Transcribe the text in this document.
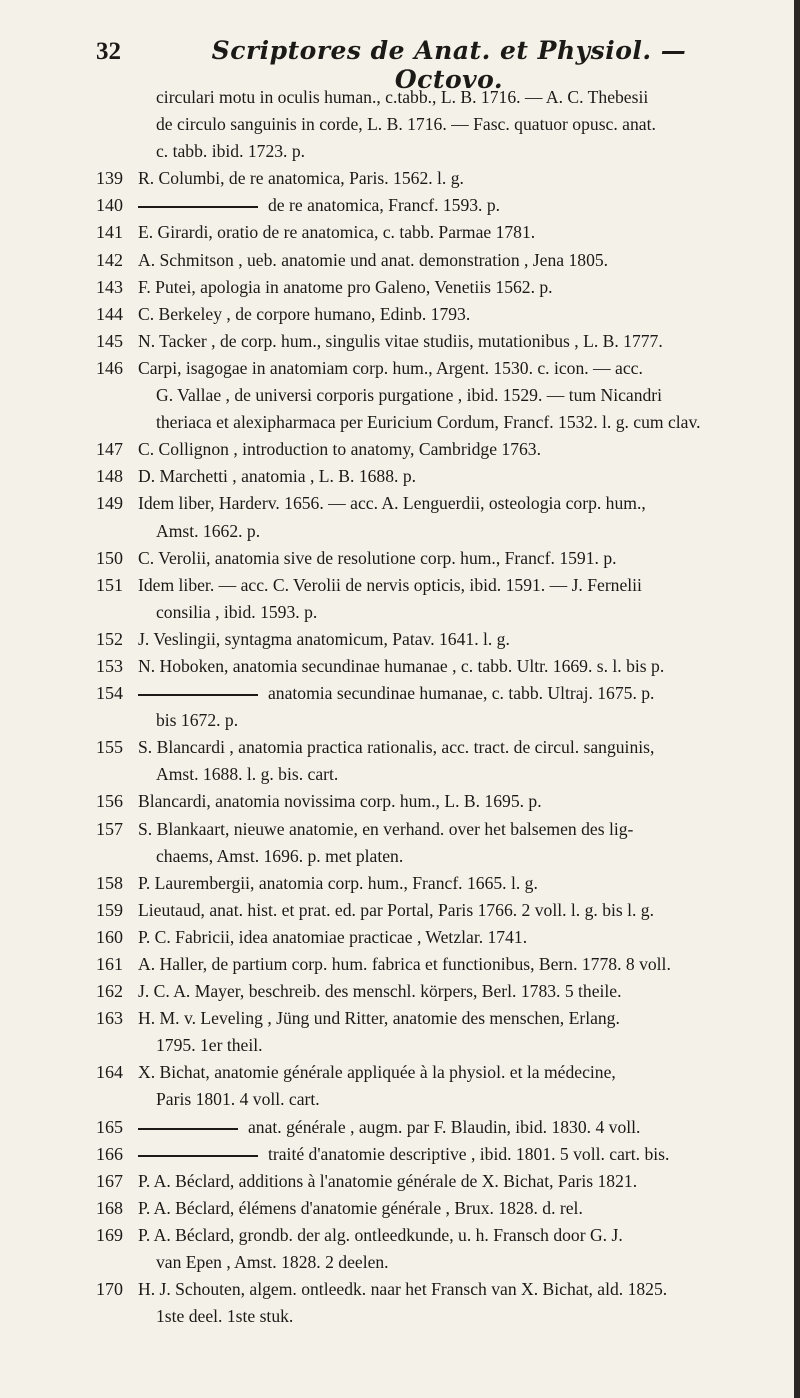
32	Scriptores de Anat. et Physiol. — Octovo.
circulari motu in oculis human., c.tabb., L. B. 1716. — A. C. Thebesii
de circulo sanguinis in corde, L. B. 1716. — Fasc. quatuor opusc. anat.
c. tabb. ibid. 1723. p.
139 R. Columbi, de re anatomica, Paris. 1562. l. g.
140	de re anatomica, Francf. 1593. p.
141 E. Girardi, oratio de re anatomica, c. tabb. Parmae 1781.
142 A. Schmitson , ueb. anatomie und anat. demonstration , Jena 1805.
143 F. Putei, apologia in anatome pro Galeno, Venetiis 1562. p.
144 C. Berkeley , de corpore humano, Edinb. 1793.
145 N. Tacker , de corp. hum., singulis vitae studiis, mutationibus , L. B. 1777.
146 Carpi, isagogae in anatomiam corp. hum., Argent. 1530. c. icon. — acc.
G. Vallae , de universi corporis purgatione , ibid. 1529. — tum Nicandri
theriaca et alexipharmaca per Euricium Cordum, Francf. 1532. l. g. cum clav.
147 C. Collignon , introduction to anatomy, Cambridge 1763.
148 D. Marchetti , anatomia , L. B. 1688. p.
149 Idem liber, Harderv. 1656. — acc. A. Lenguerdii, osteologia corp. hum.,
Amst. 1662. p.
150 C. Verolii, anatomia sive de resolutione corp. hum., Francf. 1591. p.
151 Idem liber. — acc. C. Verolii de nervis opticis, ibid. 1591. — J. Fernelii
consilia , ibid. 1593. p.
152 J. Veslingii, syntagma anatomicum, Patav. 1641. l. g.
153 N. Hoboken, anatomia secundinae humanae , c. tabb. Ultr. 1669. s. l. bis p.
154	anatomia secundinae humanae, c. tabb. Ultraj. 1675. p.
bis 1672. p.
155 S. Blancardi , anatomia practica rationalis, acc. tract. de circul. sanguinis,
Amst. 1688. l. g. bis. cart.
156 Blancardi, anatomia novissima corp. hum., L. B. 1695. p.
157 S. Blankaart, nieuwe anatomie, en verhand. over het balsemen des lig-
chaems, Amst. 1696. p. met platen.
158 P. Laurembergii, anatomia corp. hum., Francf. 1665. l. g.
159 Lieutaud, anat. hist. et prat. ed. par Portal, Paris 1766. 2 voll. l. g. bis l. g.
160 P. C. Fabricii, idea anatomiae practicae , Wetzlar. 1741.
161 A. Haller, de partium corp. hum. fabrica et functionibus, Bern. 1778. 8 voll.
162 J. C. A. Mayer, beschreib. des menschl. körpers, Berl. 1783. 5 theile.
163 H. M. v. Leveling , Jüng und Ritter, anatomie des menschen, Erlang.
1795. 1er theil.
164 X. Bichat, anatomie générale appliquée à la physiol. et la médecine,
Paris 1801. 4 voll. cart.
165	anat. générale , augm. par F. Blaudin, ibid. 1830. 4 voll.
166	traité d'anatomie descriptive , ibid. 1801. 5 voll. cart. bis.
167 P. A. Béclard, additions à l'anatomie générale de X. Bichat, Paris 1821.
168 P. A. Béclard, élémens d'anatomie générale , Brux. 1828. d. rel.
169 P. A. Béclard, grondb. der alg. ontleedkunde, u. h. Fransch door G. J.
van Epen , Amst. 1828. 2 deelen.
170 H. J. Schouten, algem. ontleedk. naar het Fransch van X. Bichat, ald. 1825.
1ste deel. 1ste stuk.
